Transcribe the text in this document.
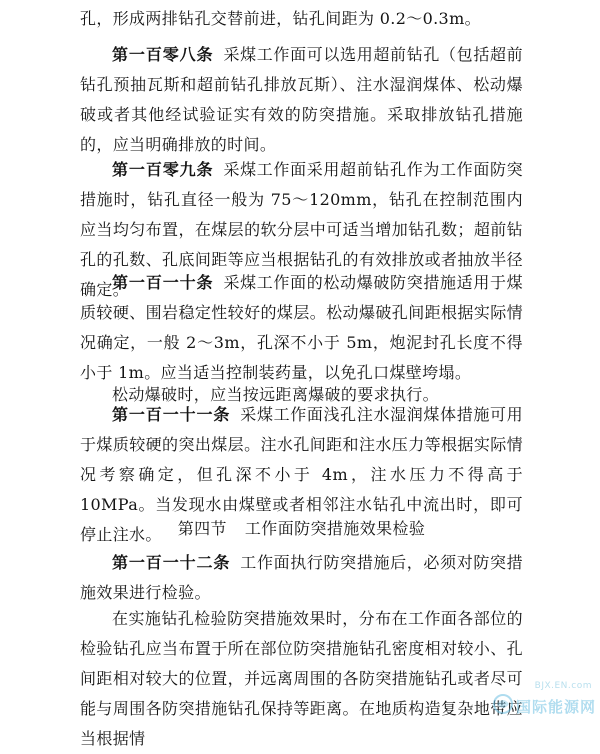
孔，形成两排钻孔交替前进，钻孔间距为 0.2～0.3m。

第一百零八条 采煤工作面可以选用超前钻孔（包括超前钻孔预抽瓦斯和超前钻孔排放瓦斯）、注水湿润煤体、松动爆破或者其他经试验证实有效的防突措施。采取排放钻孔措施的，应当明确排放的时间。

第一百零九条 采煤工作面采用超前钻孔作为工作面防突措施时，钻孔直径一般为 75～120mm，钻孔在控制范围内应当均匀布置，在煤层的软分层中可适当增加钻孔数；超前钻孔的孔数、孔底间距等应当根据钻孔的有效排放或者抽放半径确定。

第一百一十条 采煤工作面的松动爆破防突措施适用于煤质较硬、围岩稳定性较好的煤层。松动爆破孔间距根据实际情况确定，一般 2～3m，孔深不小于 5m，炮泥封孔长度不得小于 1m。应当适当控制装药量，以免孔口煤壁垮塌。

松动爆破时，应当按远距离爆破的要求执行。

第一百一十一条 采煤工作面浅孔注水湿润煤体措施可用于煤质较硬的突出煤层。注水孔间距和注水压力等根据实际情况考察确定，但孔深不小于 4m，注水压力不得高于 10MPa。当发现水由煤壁或者相邻注水钻孔中流出时，即可停止注水。 第四节 工作面防突措施效果检验

第一百一十二条 工作面执行防突措施后，必须对防突措施效果进行检验。

在实施钻孔检验防突措施效果时，分布在工作面各部位的检验钻孔应当布置于所在部位防突措施钻孔密度相对较小、孔间距相对较大的位置，并远离周围的各防突措施钻孔或者尽可能与周围各防突措施钻孔保持等距离。在地质构造复杂地带应当根据情

BJX.EN.com
国际能源网
